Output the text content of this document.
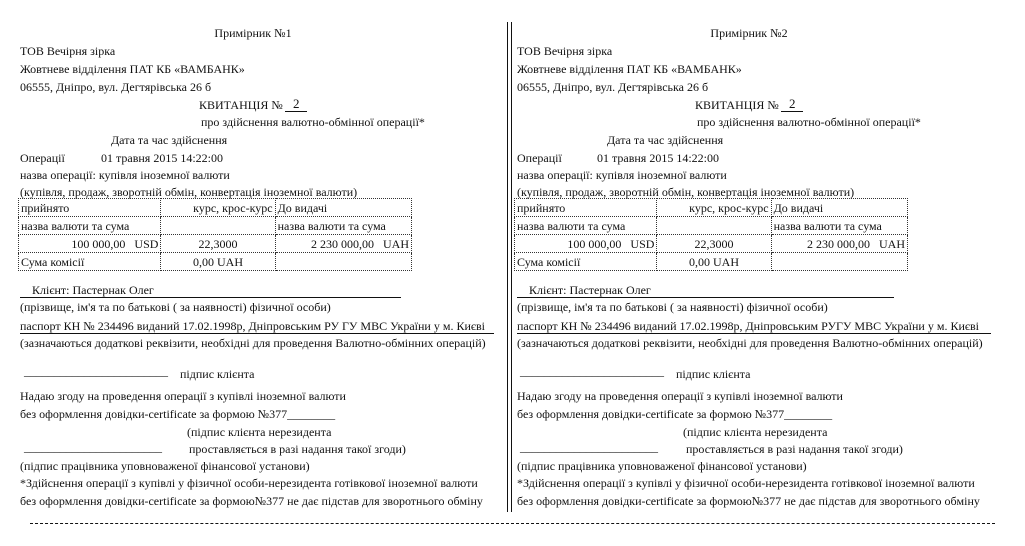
Примірник №1
ТОВ Вечірня зірка
Жовтневе відділення ПАТ КБ «ВАМБАНК»
06555, Дніпро, вул. Дегтярівська 26 б
КВИТАНЦІЯ № 2
про здійснення валютно-обмінної операції*
Дата та час здійснення
Операції	01 травня 2015 14:22:00
назва операції: купівля іноземної валюти
(купівля, продаж, зворотній обмін, конвертація іноземної валюти)
прийнято	курс, крос-курс	До видачі
назва валюти та сума		назва валюти та сума
100 000,00 USD	22,3000	2 230 000,00 UAH
Сума комісії	0,00 UAH	
Клієнт: Пастернак Олег
(прізвище, ім'я та по батькові ( за наявності) фізичної особи)
паспорт КН № 234496 виданий 17.02.1998р, Дніпровським РУ ГУ МВС України у м. Києві
(зазначаються додаткові реквізити, необхідні для проведення Валютно-обмінних операцій)
________________________ підпис клієнта
Надаю згоду на проведення операції з купівлі іноземної валюти
без оформлення довідки-certificate за формою №377________
(підпис клієнта нерезидента
_______________________ проставляється в разі надання такої згоди)
(підпис працівника уповноваженої фінансової установи)
*Здійснення операції з купівлі у фізичної особи-нерезидента готівкової іноземної валюти
без оформлення довідки-certificate за формою№377 не дає підстав для зворотнього обміну
Примірник №2
ТОВ Вечірня зірка
Жовтневе відділення ПАТ КБ «ВАМБАНК»
06555, Дніпро, вул. Дегтярівська 26 б
КВИТАНЦІЯ № 2
про здійснення валютно-обмінної операції*
Дата та час здійснення
Операції	01 травня 2015 14:22:00
назва операції: купівля іноземної валюти
(купівля, продаж, зворотній обмін, конвертація іноземної валюти)
прийнято	курс, крос-курс	До видачі
назва валюти та сума		назва валюти та сума
100 000,00 USD	22,3000	2 230 000,00 UAH
Сума комісії	0,00 UAH	
Клієнт: Пастернак Олег
(прізвище, ім'я та по батькові ( за наявності) фізичної особи)
паспорт КН № 234496 виданий 17.02.1998р, Дніпровським РУГУ МВС України у м. Києві
(зазначаються додаткові реквізити, необхідні для проведення Валютно-обмінних операцій)
________________________ підпис клієнта
Надаю згоду на проведення операції з купівлі іноземної валюти
без оформлення довідки-certificate за формою №377________
(підпис клієнта нерезидента
_______________________ проставляється в разі надання такої згоди)
(підпис працівника уповноваженої фінансової установи)
*Здійснення операції з купівлі у фізичної особи-нерезидента готівкової іноземної валюти
без оформлення довідки-certificate за формою№377 не дає підстав для зворотнього обміну
